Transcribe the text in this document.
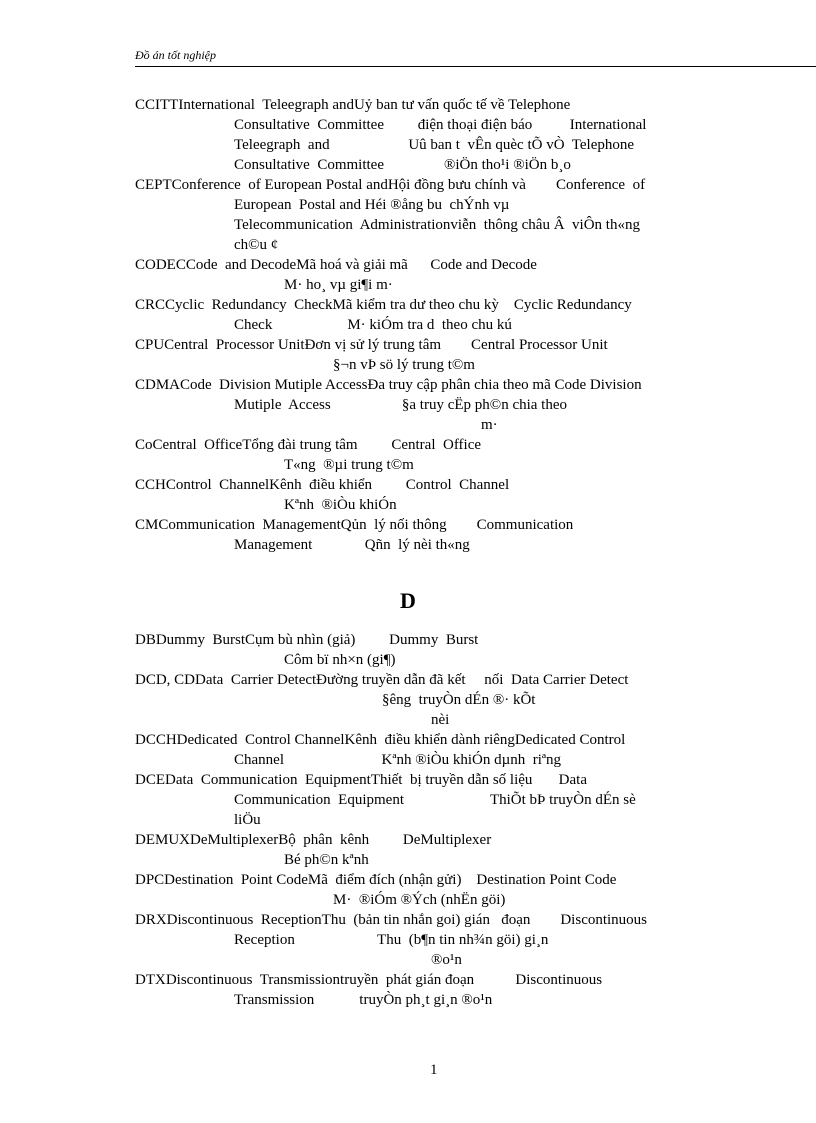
Đồ án tốt nghiệp
CCITTInternational  Teleegraph andUỷ ban tư vấn quốc tế về Telephone
Consultative  Committee         điện thoại điện báo          International
Teleegraph  and                     Uû ban t  vÊn quèc tÕ vÒ  Telephone
Consultative  Committee                ®iÖn tho¹i ®iÖn b¸o
CEPTConference  of European Postal andHội đồng bưu chính và        Conference  of
European  Postal and Héi ®ång bu  chÝnh vµ
Telecommunication  Administrationviễn  thông châu Â  viÔn th«ng
ch©u ¢
CODECCode  and DecodeMã hoá và giải mã      Code and Decode
M· ho¸ vµ gi¶i m·
CRCCyclic  Redundancy  CheckMã kiểm tra dư theo chu kỳ    Cyclic Redundancy
Check                    M· kiÓm tra d  theo chu kú
CPUCentral  Processor UnitĐơn vị sử lý trung tâm        Central Processor Unit
§¬n vÞ sö lý trung t©m
CDMACode  Division Mutiple AccessĐa truy cập phân chia theo mã Code Division
Mutiple  Access                   §a truy cËp ph©n chia theo
m·
CoCentral  OfficeTổng đài trung tâm         Central  Office
T«ng  ®µi trung t©m
CCHControl  ChannelKênh  điều khiển         Control  Channel
Kªnh  ®iÒu khiÓn
CMCommunication  ManagementQủn  lý nối thông        Communication
Management              Qñn  lý nèi th«ng
D
DBDummy  BurstCụm bù nhìn (giả)         Dummy  Burst
Côm bï nh×n (gi¶)
DCD, CDData  Carrier DetectĐường truyền dẫn đã kết     nối  Data Carrier Detect
§êng  truyÒn dÉn ®· kÕt
nèi
DCCHDedicated  Control ChannelKênh  điều khiển dành riêngDedicated Control
Channel                          Kªnh ®iÒu khiÓn dµnh  riªng
DCEData  Communication  EquipmentThiết  bị truyền dẫn số liệu       Data
Communication  Equipment                       ThiÕt bÞ truyÒn dÉn sè
liÖu
DEMUXDeMultiplexerBộ  phân  kênh         DeMultiplexer
Bé ph©n kªnh
DPCDestination  Point CodeMã  điểm đích (nhận gửi)    Destination Point Code
M·  ®iÓm ®Ých (nhËn göi)
DRXDiscontinuous  ReceptionThu  (bản tin nhắn goi) gián   đoạn        Discontinuous
Reception                      Thu  (b¶n tin nh¾n göi) gi¸n
®o¹n
DTXDiscontinuous  Transmissiontruyền  phát gián đoạn           Discontinuous
Transmission            truyÒn ph¸t gi¸n ®o¹n
1
